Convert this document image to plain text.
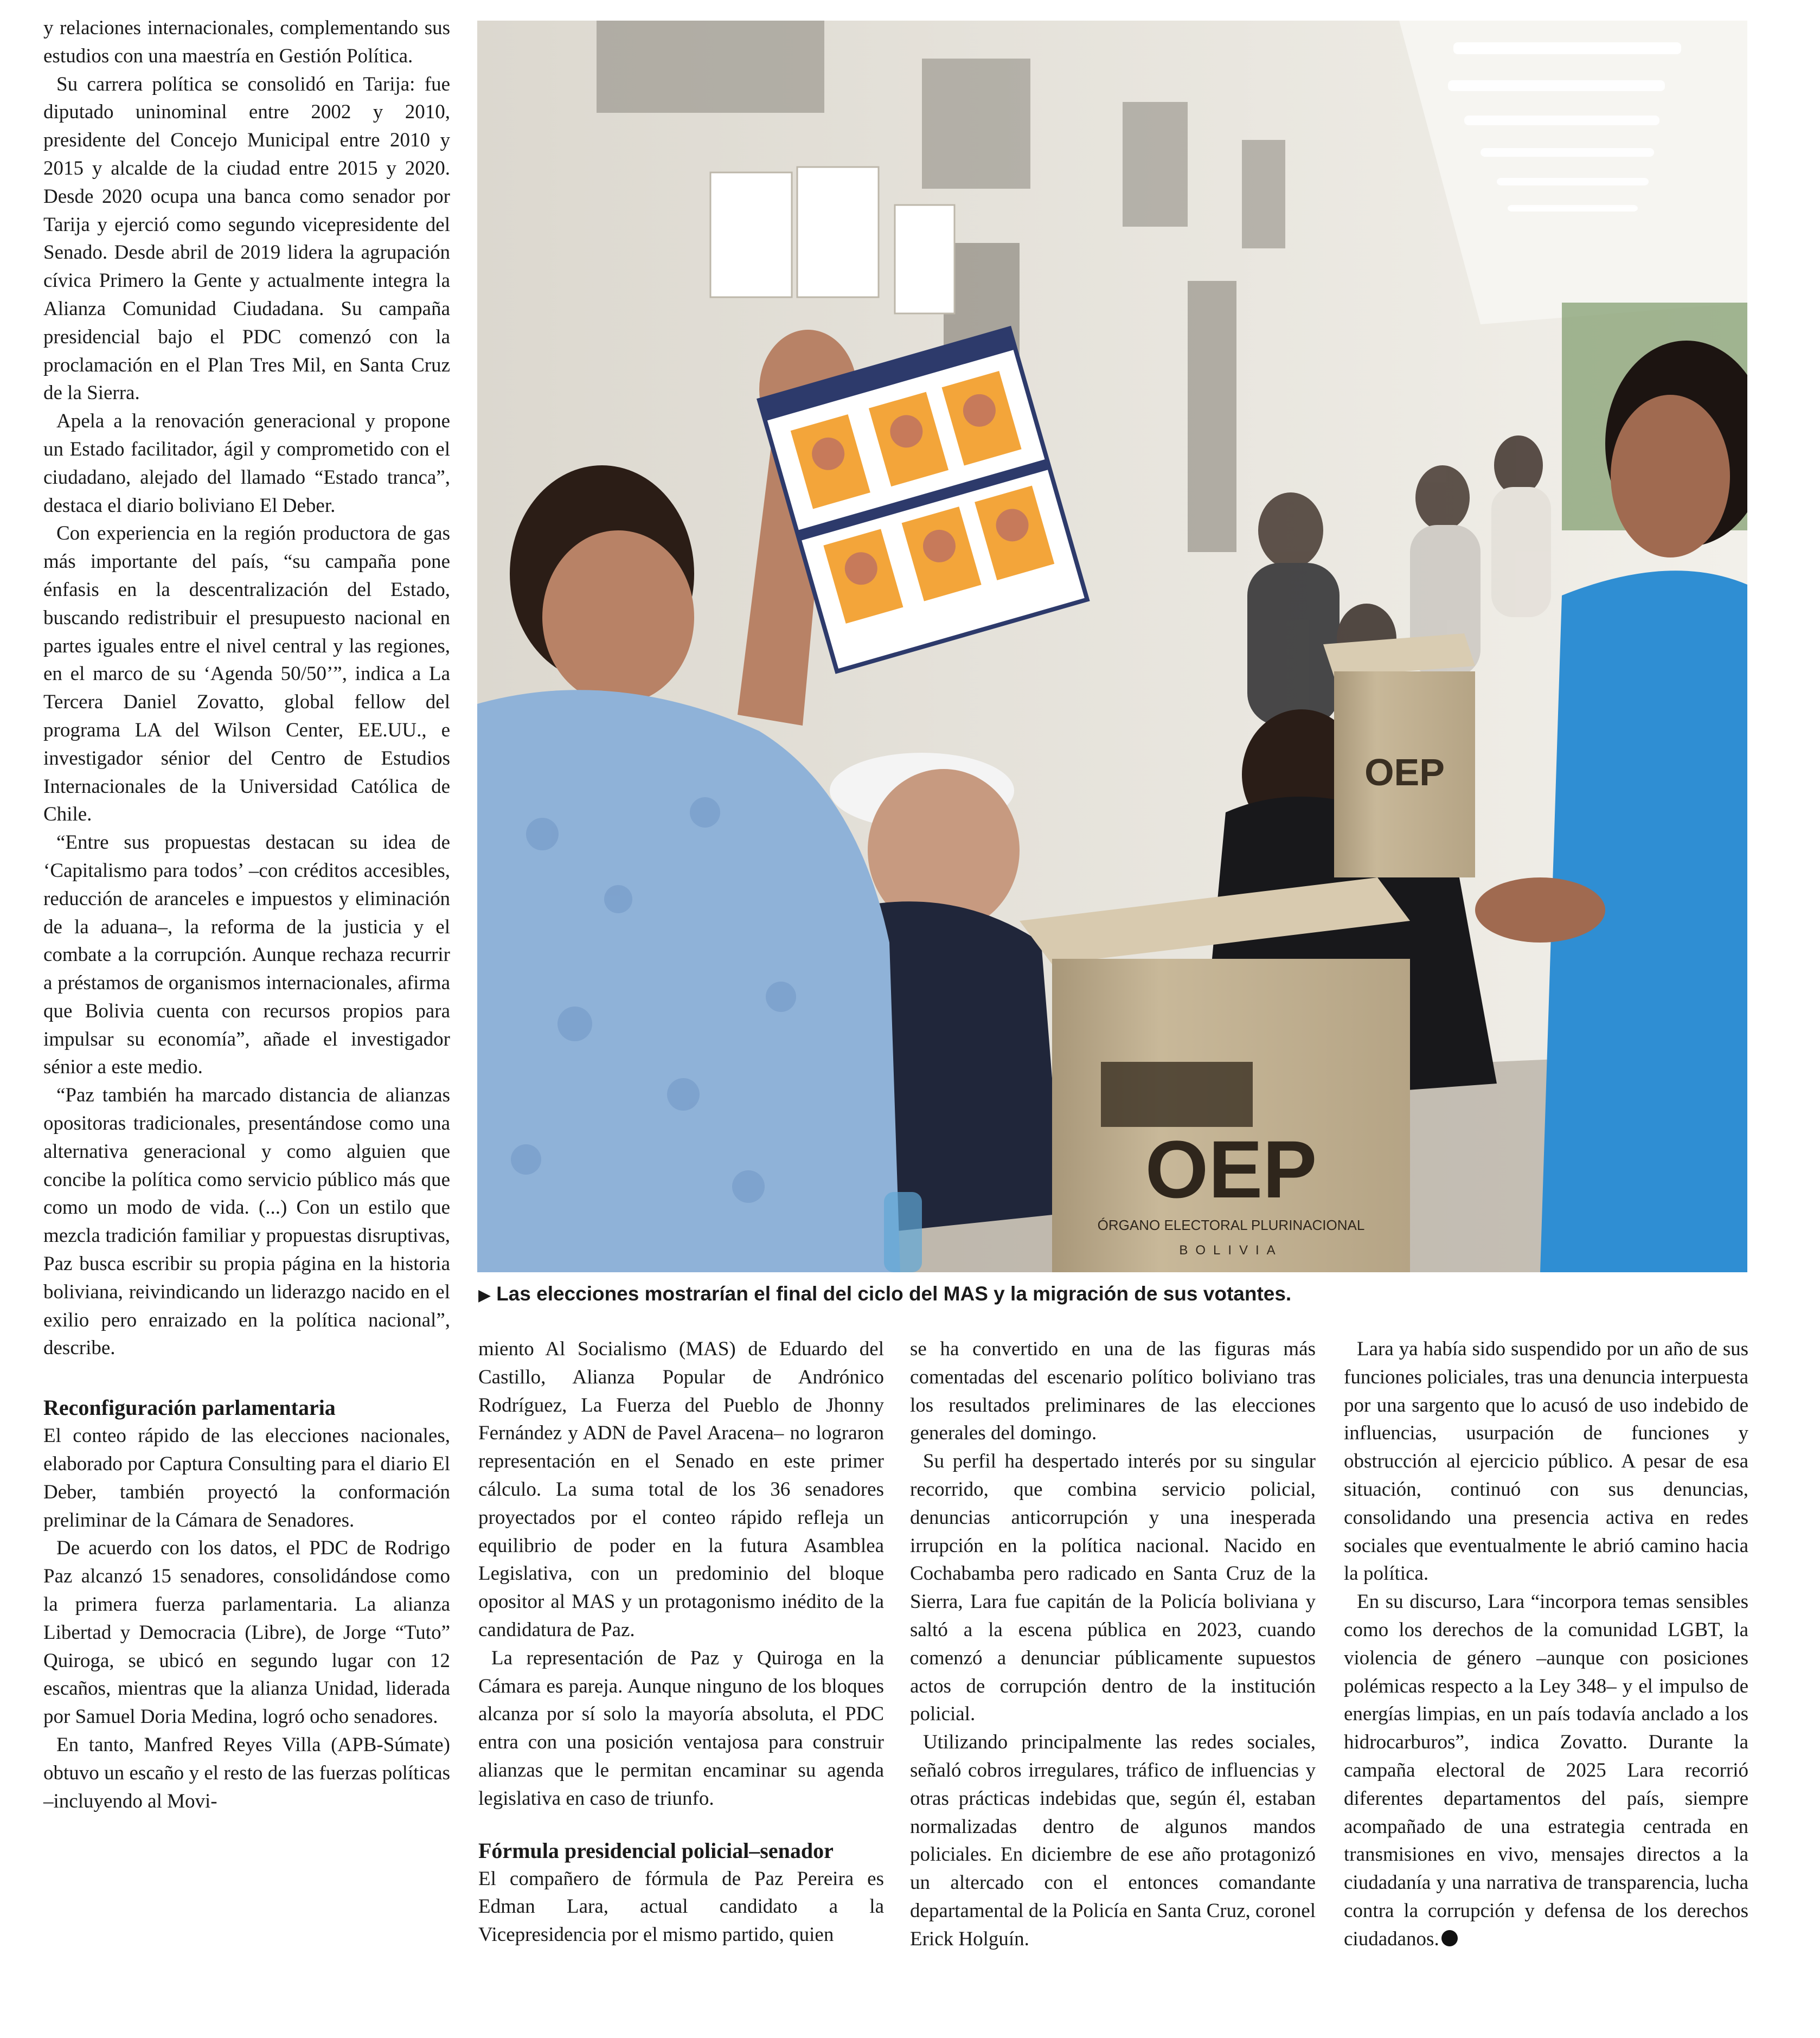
y relaciones internacionales, complementando sus estudios con una maestría en Gestión Política.

Su carrera política se consolidó en Tarija: fue diputado uninominal entre 2002 y 2010, presidente del Concejo Municipal entre 2010 y 2015 y alcalde de la ciudad entre 2015 y 2020. Desde 2020 ocupa una banca como senador por Tarija y ejerció como segundo vicepresidente del Senado. Desde abril de 2019 lidera la agrupación cívica Primero la Gente y actualmente integra la Alianza Comunidad Ciudadana. Su campaña presidencial bajo el PDC comenzó con la proclamación en el Plan Tres Mil, en Santa Cruz de la Sierra.

Apela a la renovación generacional y propone un Estado facilitador, ágil y comprometido con el ciudadano, alejado del llamado “Estado tranca”, destaca el diario boliviano El Deber.

Con experiencia en la región productora de gas más importante del país, “su campaña pone énfasis en la descentralización del Estado, buscando redistribuir el presupuesto nacional en partes iguales entre el nivel central y las regiones, en el marco de su ‘Agenda 50/50’”, indica a La Tercera Daniel Zovatto, global fellow del programa LA del Wilson Center, EE.UU., e investigador sénior del Centro de Estudios Internacionales de la Universidad Católica de Chile.

“Entre sus propuestas destacan su idea de ‘Capitalismo para todos’ –con créditos accesibles, reducción de aranceles e impuestos y eliminación de la aduana–, la reforma de la justicia y el combate a la corrupción. Aunque rechaza recurrir a préstamos de organismos internacionales, afirma que Bolivia cuenta con recursos propios para impulsar su economía”, añade el investigador sénior a este medio.

“Paz también ha marcado distancia de alianzas opositoras tradicionales, presentándose como una alternativa generacional y como alguien que concibe la política como servicio público más que como un modo de vida. (...) Con un estilo que mezcla tradición familiar y propuestas disruptivas, Paz busca escribir su propia página en la historia boliviana, reivindicando un liderazgo nacido en el exilio pero enraizado en la política nacional”, describe.

Reconfiguración parlamentaria

El conteo rápido de las elecciones nacionales, elaborado por Captura Consulting para el diario El Deber, también proyectó la conformación preliminar de la Cámara de Senadores.

De acuerdo con los datos, el PDC de Rodrigo Paz alcanzó 15 senadores, consolidándose como la primera fuerza parlamentaria. La alianza Libertad y Democracia (Libre), de Jorge “Tuto” Quiroga, se ubicó en segundo lugar con 12 escaños, mientras que la alianza Unidad, liderada por Samuel Doria Medina, logró ocho senadores.

En tanto, Manfred Reyes Villa (APB-Súmate) obtuvo un escaño y el resto de las fuerzas políticas –incluyendo al Movi-

OEP
OEP
ÓRGANO ELECTORAL PLURINACIONAL
BOLIVIA
▶ Las elecciones mostrarían el final del ciclo del MAS y la migración de sus votantes.

miento Al Socialismo (MAS) de Eduardo del Castillo, Alianza Popular de Andrónico Rodríguez, La Fuerza del Pueblo de Jhonny Fernández y ADN de Pavel Aracena– no lograron representación en el Senado en este primer cálculo. La suma total de los 36 senadores proyectados por el conteo rápido refleja un equilibrio de poder en la futura Asamblea Legislativa, con un predominio del bloque opositor al MAS y un protagonismo inédito de la candidatura de Paz.

La representación de Paz y Quiroga en la Cámara es pareja. Aunque ninguno de los bloques alcanza por sí solo la mayoría absoluta, el PDC entra con una posición ventajosa para construir alianzas que le permitan encaminar su agenda legislativa en caso de triunfo.

Fórmula presidencial policial–senador

El compañero de fórmula de Paz Pereira es Edman Lara, actual candidato a la Vicepresidencia por el mismo partido, quien

se ha convertido en una de las figuras más comentadas del escenario político boliviano tras los resultados preliminares de las elecciones generales del domingo.

Su perfil ha despertado interés por su singular recorrido, que combina servicio policial, denuncias anticorrupción y una inesperada irrupción en la política nacional. Nacido en Cochabamba pero radicado en Santa Cruz de la Sierra, Lara fue capitán de la Policía boliviana y saltó a la escena pública en 2023, cuando comenzó a denunciar públicamente supuestos actos de corrupción dentro de la institución policial.

Utilizando principalmente las redes sociales, señaló cobros irregulares, tráfico de influencias y otras prácticas indebidas que, según él, estaban normalizadas dentro de algunos mandos policiales. En diciembre de ese año protagonizó un altercado con el entonces comandante departamental de la Policía en Santa Cruz, coronel Erick Holguín.

Lara ya había sido suspendido por un año de sus funciones policiales, tras una denuncia interpuesta por una sargento que lo acusó de uso indebido de influencias, usurpación de funciones y obstrucción al ejercicio público. A pesar de esa situación, continuó con sus denuncias, consolidando una presencia activa en redes sociales que eventualmente le abrió camino hacia la política.

En su discurso, Lara “incorpora temas sensibles como los derechos de la comunidad LGBT, la violencia de género –aunque con posiciones polémicas respecto a la Ley 348– y el impulso de energías limpias, en un país todavía anclado a los hidrocarburos”, indica Zovatto. Durante la campaña electoral de 2025 Lara recorrió diferentes departamentos del país, siempre acompañado de una estrategia centrada en transmisiones en vivo, mensajes directos a la ciudadanía y una narrativa de transparencia, lucha contra la corrupción y defensa de los derechos ciudadanos.
